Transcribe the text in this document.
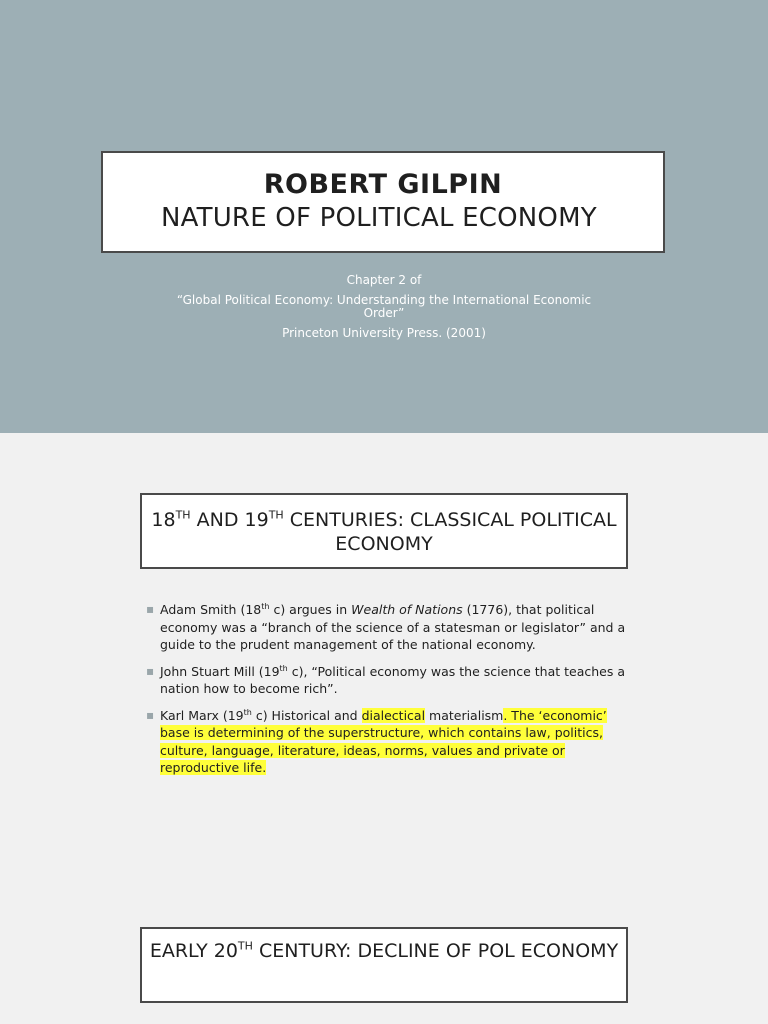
ROBERT GILPIN
NATURE OF POLITICAL ECONOMY

Chapter 2 of

“Global Political Economy: Understanding the International Economic Order”

Princeton University Press. (2001)

18TH AND 19TH CENTURIES: CLASSICAL POLITICAL ECONOMY
▪ Adam Smith (18th c) argues in Wealth of Nations (1776), that political economy was a “branch of the science of a statesman or legislator” and a guide to the prudent management of the national economy.
▪ John Stuart Mill (19th c), “Political economy was the science that teaches a nation how to become rich”.
▪ Karl Marx (19th c) Historical and dialectical materialism. The ‘economic’ base is determining of the superstructure, which contains law, politics, culture, language, literature, ideas, norms, values and private or reproductive life.
EARLY 20TH CENTURY: DECLINE OF POL ECONOMY
